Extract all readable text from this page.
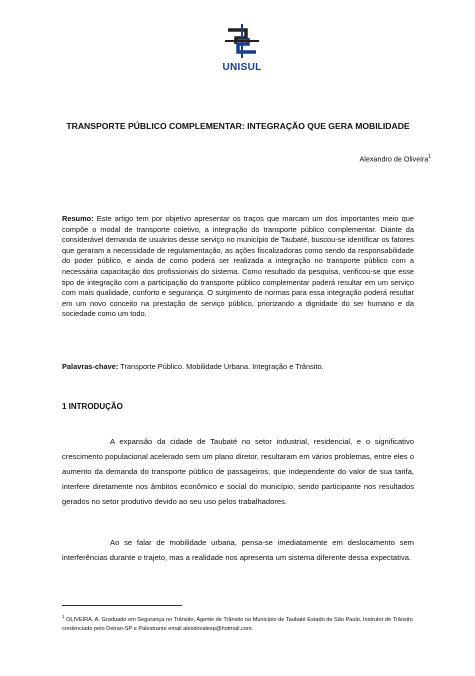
UNISUL
TRANSPORTE PÚBLICO COMPLEMENTAR: INTEGRAÇÃO QUE GERA MOBILIDADE
Alexandro de Oliveira$^1$
Resumo: Este artigo tem por objetivo apresentar os traços que marcam um dos importantes meio que compõe o modal de transporte coletivo, a integração do transporte público complementar. Diante da considerável demanda de usuários desse serviço no município de Taubaté, buscou-se identificar os fatores que geraram a necessidade de regulamentação, as ações fiscalizadoras como sendo da responsabilidade do poder público, e ainda de como poderá ser realizada a integração no transporte público com a necessária capacitação dos profissionais do sistema. Como resultado da pesquisa, verificou-se que esse tipo de integração com a participação do transporte público complementar poderá resultar em um serviço com mais qualidade, conforto e segurança. O surgimento de normas para essa integração poderá resultar em um novo conceito na prestação de serviço público, priorizando a dignidade do ser humano e da sociedade como um todo.
Palavras-chave: Transporte Público. Mobilidade Urbana. Integração e Trânsito.
1 INTRODUÇÃO
A expansão da cidade de Taubaté no setor industrial, residencial, e o significativo crescimento populacional acelerado sem um plano diretor, resultaram em vários problemas, entre eles o aumento da demanda do transporte público de passageiros, que independente do valor de sua tarifa, interfere diretamente nos âmbitos econômico e social do município, sendo participante nos resultados gerados no setor produtivo devido ao seu uso pelos trabalhadores.
Ao se falar de mobilidade urbana, pensa-se imediatamente em deslocamento sem interferências durante o trajeto, mas a realidade nos apresenta um sistema diferente dessa expectativa.
$^1$ OLIVEIRA, A. Graduado em Segurança no Trânsito, Agente de Trânsito no Município de Taubaté Estado de São Paulo, Instrutor de Trânsito credenciado pelo Detran-SP e Palestrante email alexdovalesp@hotmail.com.
